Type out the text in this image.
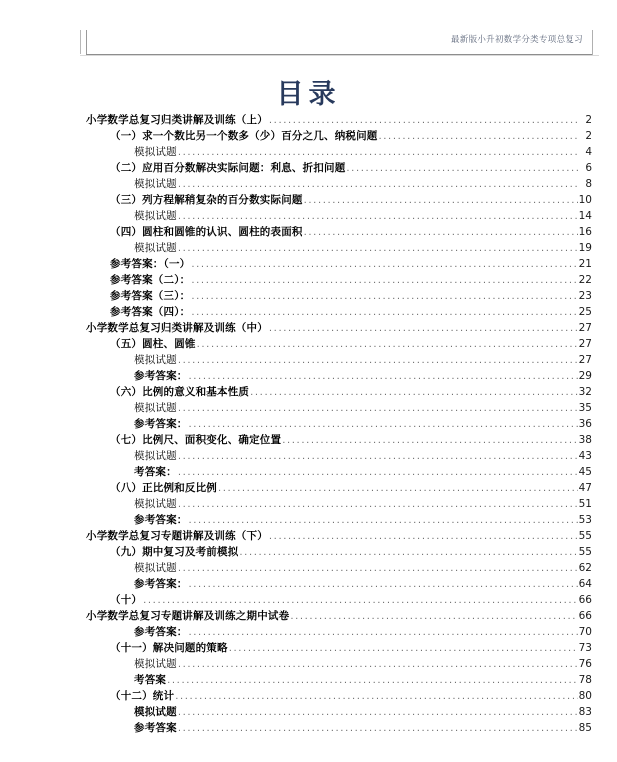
最新版小升初数学分类专项总复习
目录
小学数学总复习归类讲解及训练（上） .....	2
（一）求一个数比另一个数多（少）百分之几、纳税问题 .....	2
模拟试题 .....	4
（二）应用百分数解决实际问题：利息、折扣问题 .....	6
模拟试题 .....	8
（三）列方程解稍复杂的百分数实际问题 .....	10
模拟试题 .....	14
（四）圆柱和圆锥的认识、圆柱的表面积 .....	16
模拟试题 .....	19
参考答案：（一） .....	21
参考答案（二）： .....	22
参考答案（三）： .....	23
参考答案（四）： .....	25
小学数学总复习归类讲解及训练（中） .....	27
（五）圆柱、圆锥 .....	27
模拟试题 .....	27
参考答案： .....	29
（六）比例的意义和基本性质 .....	32
模拟试题 .....	35
参考答案： .....	36
（七）比例尺、面积变化、确定位置 .....	38
模拟试题 .....	43
考答案： .....	45
（八）正比例和反比例 .....	47
模拟试题 .....	51
参考答案： .....	53
小学数学总复习专题讲解及训练（下） .....	55
（九）期中复习及考前模拟 .....	55
模拟试题 .....	62
参考答案： .....	64
（十） .....	66
小学数学总复习专题讲解及训练之期中试卷 .....	66
参考答案： .....	70
（十一）解决问题的策略 .....	73
模拟试题 .....	76
考答案 .....	78
（十二）统计 .....	80
模拟试题 .....	83
参考答案 .....	85
